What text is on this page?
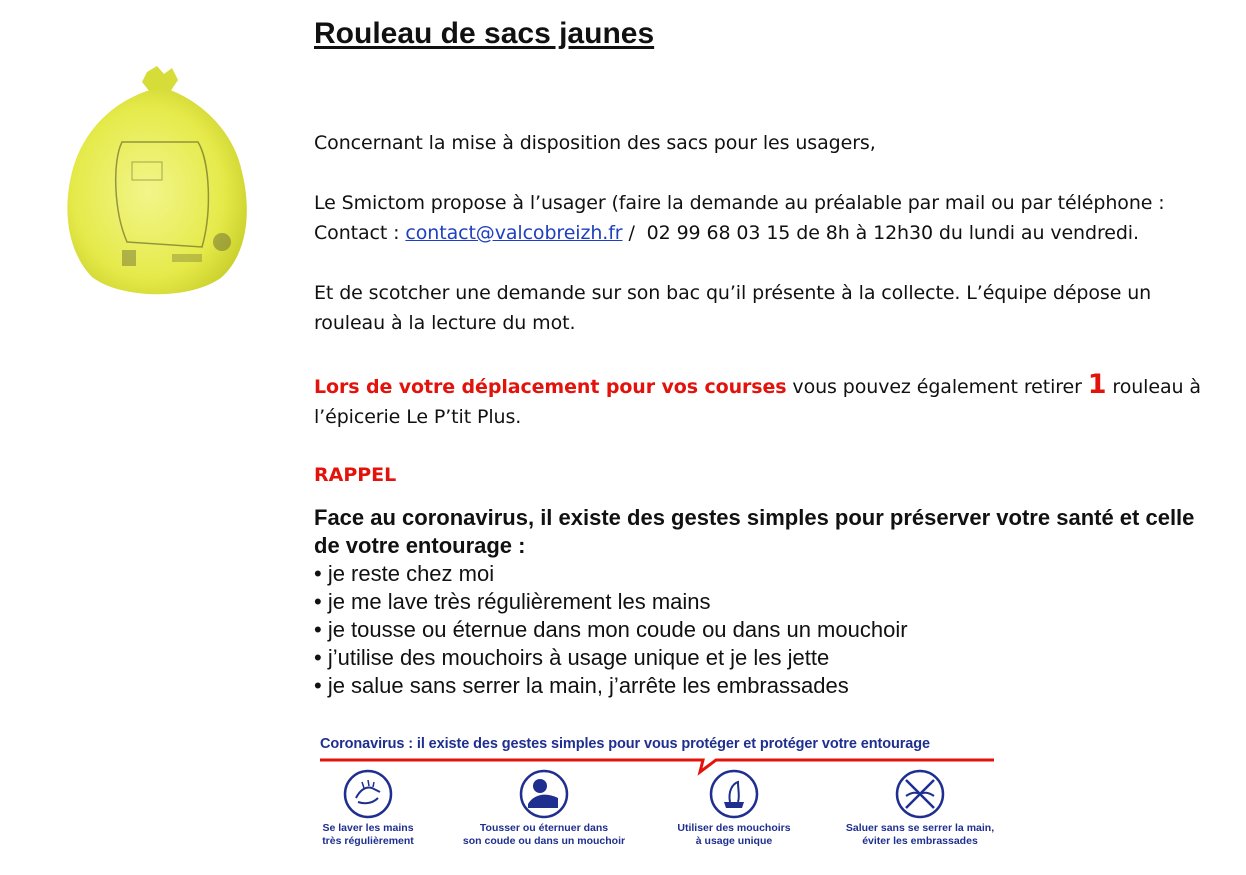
Rouleau de sacs jaunes

Concernant la mise à disposition des sacs pour les usagers,

Le Smictom propose à l’usager (faire la demande au préalable par mail ou par téléphone :
Contact : contact@valcobreizh.fr /  02 99 68 03 15 de 8h à 12h30 du lundi au vendredi.

Et de scotcher une demande sur son bac qu’il présente à la collecte. L’équipe dépose un rouleau à la lecture du mot.

Lors de votre déplacement pour vos courses vous pouvez également retirer 1 rouleau à l’épicerie Le P’tit Plus.

RAPPEL
Face au coronavirus, il existe des gestes simples pour préserver votre santé et celle de votre entourage :
• je reste chez moi
• je me lave très régulièrement les mains
• je tousse ou éternue dans mon coude ou dans un mouchoir
• j’utilise des mouchoirs à usage unique et je les jette
• je salue sans serrer la main, j’arrête les embrassades
Coronavirus : il existe des gestes simples pour vous protéger et protéger votre entourage
Se laver les mains
très régulièrement
Tousser ou éternuer dans
son coude ou dans un mouchoir
Utiliser des mouchoirs
à usage unique
Saluer sans se serrer la main,
éviter les embrassades
